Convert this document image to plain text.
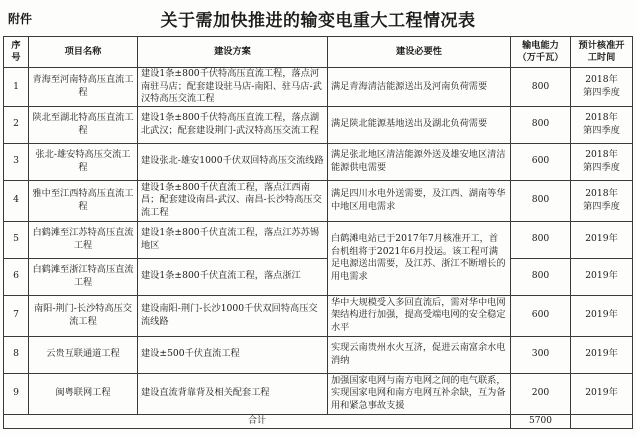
附件	关于需加快推进的输变电重大工程情况表
序号	项目名称	建设方案	建设必要性	输电能力（万千瓦）	预计核准开工时间
1	青海至河南特高压直流工程	建设1条±800千伏特高压直流工程，落点河南驻马店；配套建设驻马店-南阳、驻马店-武汉特高压交流工程	满足青海清洁能源送出及河南负荷需要	800	2018年第四季度
2	陕北至湖北特高压直流工程	建设1条±800千伏特高压直流工程，落点湖北武汉；配套建设荆门-武汉特高压交流工程	满足陕北能源基地送出及湖北负荷需要	800	2018年第四季度
3	张北-雄安特高压交流工程	建设张北-雄安1000千伏双回特高压交流线路	满足张北地区清洁能源外送及雄安地区清洁能源供电需要	600	2018年第四季度
4	雅中至江西特高压直流工程	建设1条±800千伏直流工程，落点江西南昌；配套建设南昌-武汉、南昌-长沙特高压交流工程	满足四川水电外送需要，及江西、湖南等华中地区用电需求	800	2018年第四季度
5	白鹤滩至江苏特高压直流工程	建设1条±800千伏直流工程，落点江苏苏锡地区	白鹤滩电站已于2017年7月核准开工，首台机组将于2021年6月投运。该工程可满足电源送出需要，及江苏、浙江不断增长的用电需求	800	2019年
6	白鹤滩至浙江特高压直流工程	建设1条±800千伏直流工程，落点浙江		800	2019年
7	南阳-荆门-长沙特高压交流工程	建设南阳-荆门-长沙1000千伏双回特高压交流线路	华中大规模受入多回直流后，需对华中电网架结构进行加强，提高受端电网的安全稳定水平	600	2019年
8	云贵互联通道工程	建设±500千伏直流工程	实现云南贵州水火互济，促进云南富余水电消纳	300	2019年
9	闽粤联网工程	建设直流背靠背及相关配套工程	加强国家电网与南方电网之间的电气联系，实现国家电网和南方电网互补余缺，互为备用和紧急事故支援	200	2019年
合计				5700	
